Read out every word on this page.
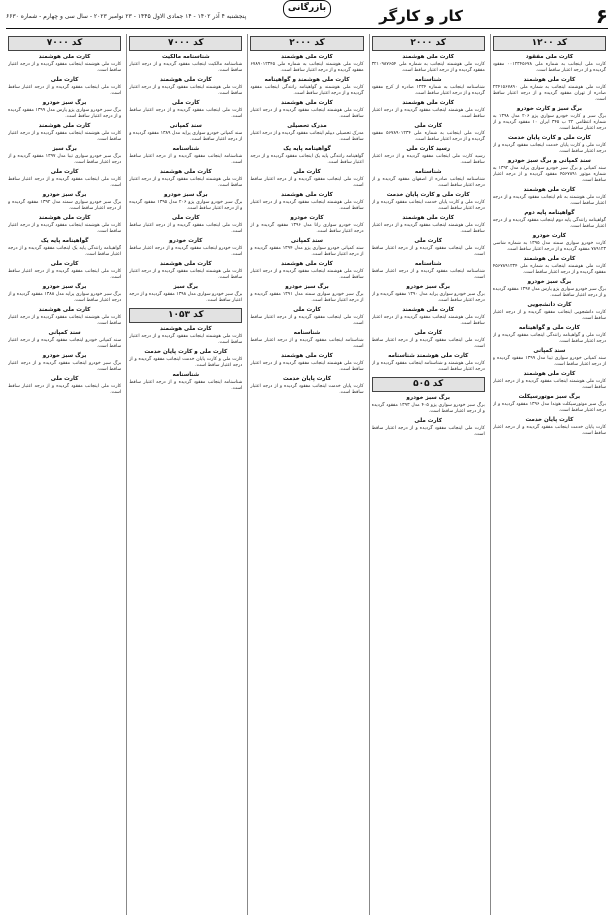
۶
کار و کارگر
پنجشنبه ۴ آذر ۱۴۰۲ - ۱۴ جمادی الاول ۱۴۴۵ - ۲۳ نوامبر ۲۰۲۳ - سال سی و چهارم - شماره ۶۶۳۰
بازرگانی
کد ۱۲۰۰
کارت ملی مفقود
کارت ملی اینجانب به شماره ملی ۰۰۱۲۳۴۵۶۷۸ مفقود گردیده و از درجه اعتبار ساقط است.
کارت ملی هوشمند
کارت ملی هوشمند اینجانب به شماره ملی ۲۳۴۱۵۶۷۸۹۰ صادره از تهران مفقود گردیده و از درجه اعتبار ساقط است.
برگ سبز و کارت خودرو
برگ سبز و کارت خودرو سواری پژو ۲۰۶ مدل ۱۳۹۸ به شماره انتظامی ۲۲ ب ۳۴۵ ایران ۱۰ مفقود گردیده و از درجه اعتبار ساقط است.
کارت ملی و کارت پایان خدمت
کارت ملی و کارت پایان خدمت اینجانب مفقود گردیده و از درجه اعتبار ساقط است.
سند کمپانی و برگ سبز خودرو
سند کمپانی و برگ سبز خودرو سواری پراید مدل ۱۳۹۲ به شماره موتور ۴۵۶۷۸۹۱ مفقود گردیده و از درجه اعتبار ساقط است.
کارت ملی هوشمند
کارت ملی هوشمند به نام اینجانب مفقود گردیده و از درجه اعتبار ساقط است.
گواهینامه پایه دوم
گواهینامه رانندگی پایه دوم اینجانب مفقود گردیده و از درجه اعتبار ساقط است.
کارت خودرو
کارت خودرو سواری سمند مدل ۱۳۹۵ به شماره شاسی ۷۸۹۱۲۳ مفقود گردیده و از درجه اعتبار ساقط است.
کارت ملی هوشمند
کارت ملی هوشمند اینجانب به شماره ملی ۴۵۶۷۸۹۱۲۳۴ مفقود گردیده و از درجه اعتبار ساقط است.
برگ سبز خودرو
برگ سبز خودرو سواری پژو پارس مدل ۱۳۹۷ مفقود گردیده و از درجه اعتبار ساقط است.
کارت دانشجویی
کارت دانشجویی اینجانب مفقود گردیده و از درجه اعتبار ساقط است.
کارت ملی و گواهینامه
کارت ملی و گواهینامه رانندگی اینجانب مفقود گردیده و از درجه اعتبار ساقط است.
سند کمپانی
سند کمپانی خودرو سواری تیبا مدل ۱۳۹۹ مفقود گردیده و از درجه اعتبار ساقط است.
کارت ملی هوشمند
کارت ملی هوشمند اینجانب مفقود گردیده و از درجه اعتبار ساقط است.
برگ سبز موتورسیکلت
برگ سبز موتورسیکلت هوندا مدل ۱۳۹۶ مفقود گردیده و از درجه اعتبار ساقط است.
کارت پایان خدمت
کارت پایان خدمت اینجانب مفقود گردیده و از درجه اعتبار ساقط است.
کد ۲۰۰۰
کارت ملی هوشمند
کارت ملی هوشمند اینجانب به شماره ملی ۳۲۱۰۹۸۷۶۵۴ مفقود گردیده و از درجه اعتبار ساقط است.
شناسنامه
شناسنامه اینجانب به شماره ۱۲۳۴ صادره از کرج مفقود گردیده و از درجه اعتبار ساقط است.
کارت ملی هوشمند
کارت ملی هوشمند اینجانب مفقود گردیده و از درجه اعتبار ساقط است.
کارت ملی
کارت ملی اینجانب به شماره ملی ۵۶۷۸۹۰۱۲۳۴ مفقود گردیده و از درجه اعتبار ساقط است.
رسید کارت ملی
رسید کارت ملی اینجانب مفقود گردیده و از درجه اعتبار ساقط است.
شناسنامه
شناسنامه اینجانب صادره از اصفهان مفقود گردیده و از درجه اعتبار ساقط است.
کارت ملی و کارت پایان خدمت
کارت ملی و کارت پایان خدمت اینجانب مفقود گردیده و از درجه اعتبار ساقط است.
کارت ملی هوشمند
کارت ملی هوشمند اینجانب مفقود گردیده و از درجه اعتبار ساقط است.
کارت ملی
کارت ملی اینجانب مفقود گردیده و از درجه اعتبار ساقط است.
شناسنامه
شناسنامه اینجانب مفقود گردیده و از درجه اعتبار ساقط است.
برگ سبز خودرو
برگ سبز خودرو سواری پراید مدل ۱۳۹۰ مفقود گردیده و از درجه اعتبار ساقط است.
کارت ملی هوشمند
کارت ملی هوشمند اینجانب مفقود گردیده و از درجه اعتبار ساقط است.
کارت ملی
کارت ملی اینجانب مفقود گردیده و از درجه اعتبار ساقط است.
کارت ملی هوشمند شناسنامه
کارت ملی هوشمند و شناسنامه اینجانب مفقود گردیده و از درجه اعتبار ساقط است.
کد ۵۰۵
برگ سبز خودرو
برگ سبز خودرو سواری پژو ۴۰۵ مدل ۱۳۹۳ مفقود گردیده و از درجه اعتبار ساقط است.
کارت ملی
کارت ملی اینجانب مفقود گردیده و از درجه اعتبار ساقط است.
کد ۲۰۰۰
کارت ملی هوشمند
کارت ملی هوشمند اینجانب به شماره ملی ۶۷۸۹۰۱۲۳۴۵ مفقود گردیده و از درجه اعتبار ساقط است.
کارت ملی هوشمند و گواهینامه
کارت ملی هوشمند و گواهینامه رانندگی اینجانب مفقود گردیده و از درجه اعتبار ساقط است.
کارت ملی هوشمند
کارت ملی هوشمند اینجانب مفقود گردیده و از درجه اعتبار ساقط است.
مدرک تحصیلی
مدرک تحصیلی دیپلم اینجانب مفقود گردیده و از درجه اعتبار ساقط است.
گواهینامه پایه یک
گواهینامه رانندگی پایه یک اینجانب مفقود گردیده و از درجه اعتبار ساقط است.
کارت ملی
کارت ملی اینجانب مفقود گردیده و از درجه اعتبار ساقط است.
کارت ملی هوشمند
کارت ملی هوشمند اینجانب مفقود گردیده و از درجه اعتبار ساقط است.
کارت خودرو
کارت خودرو سواری رانا مدل ۱۳۹۶ مفقود گردیده و از درجه اعتبار ساقط است.
سند کمپانی
سند کمپانی خودرو سواری پژو مدل ۱۳۹۴ مفقود گردیده و از درجه اعتبار ساقط است.
کارت ملی هوشمند
کارت ملی هوشمند اینجانب مفقود گردیده و از درجه اعتبار ساقط است.
برگ سبز خودرو
برگ سبز خودرو سواری سمند مدل ۱۳۹۱ مفقود گردیده و از درجه اعتبار ساقط است.
کارت ملی
کارت ملی اینجانب مفقود گردیده و از درجه اعتبار ساقط است.
شناسنامه
شناسنامه اینجانب مفقود گردیده و از درجه اعتبار ساقط است.
کارت ملی هوشمند
کارت ملی هوشمند اینجانب مفقود گردیده و از درجه اعتبار ساقط است.
کارت پایان خدمت
کارت پایان خدمت اینجانب مفقود گردیده و از درجه اعتبار ساقط است.
کد ۷۰۰۰
شناسنامه مالکیت
شناسنامه مالکیت اینجانب مفقود گردیده و از درجه اعتبار ساقط است.
کارت ملی هوشمند
کارت ملی هوشمند اینجانب مفقود گردیده و از درجه اعتبار ساقط است.
کارت ملی
کارت ملی اینجانب مفقود گردیده و از درجه اعتبار ساقط است.
سند کمپانی
سند کمپانی خودرو سواری پراید مدل ۱۳۸۹ مفقود گردیده و از درجه اعتبار ساقط است.
شناسنامه
شناسنامه اینجانب مفقود گردیده و از درجه اعتبار ساقط است.
کارت ملی هوشمند
کارت ملی هوشمند اینجانب مفقود گردیده و از درجه اعتبار ساقط است.
برگ سبز خودرو
برگ سبز خودرو سواری پژو ۲۰۶ مدل ۱۳۹۵ مفقود گردیده و از درجه اعتبار ساقط است.
کارت ملی
کارت ملی اینجانب مفقود گردیده و از درجه اعتبار ساقط است.
کارت خودرو
کارت خودرو اینجانب مفقود گردیده و از درجه اعتبار ساقط است.
کارت ملی هوشمند
کارت ملی هوشمند اینجانب مفقود گردیده و از درجه اعتبار ساقط است.
برگ سبز
برگ سبز خودرو سواری مدل ۱۳۹۸ مفقود گردیده و از درجه اعتبار ساقط است.
کد ۱۰۵۳
کارت ملی هوشمند
کارت ملی هوشمند اینجانب مفقود گردیده و از درجه اعتبار ساقط است.
کارت ملی و کارت پایان خدمت
کارت ملی و کارت پایان خدمت اینجانب مفقود گردیده و از درجه اعتبار ساقط است.
شناسنامه
شناسنامه اینجانب مفقود گردیده و از درجه اعتبار ساقط است.
کد ۷۰۰۰
کارت ملی هوشمند
کارت ملی هوشمند اینجانب مفقود گردیده و از درجه اعتبار ساقط است.
کارت ملی
کارت ملی اینجانب مفقود گردیده و از درجه اعتبار ساقط است.
برگ سبز خودرو
برگ سبز خودرو سواری پژو پارس مدل ۱۳۹۹ مفقود گردیده و از درجه اعتبار ساقط است.
کارت ملی هوشمند
کارت ملی هوشمند اینجانب مفقود گردیده و از درجه اعتبار ساقط است.
برگ سبز
برگ سبز خودرو سواری تیبا مدل ۱۳۹۷ مفقود گردیده و از درجه اعتبار ساقط است.
کارت ملی
کارت ملی اینجانب مفقود گردیده و از درجه اعتبار ساقط است.
برگ سبز خودرو
برگ سبز خودرو سواری سمند مدل ۱۳۹۲ مفقود گردیده و از درجه اعتبار ساقط است.
کارت ملی هوشمند
کارت ملی هوشمند اینجانب مفقود گردیده و از درجه اعتبار ساقط است.
گواهینامه پایه یک
گواهینامه رانندگی پایه یک اینجانب مفقود گردیده و از درجه اعتبار ساقط است.
کارت ملی
کارت ملی اینجانب مفقود گردیده و از درجه اعتبار ساقط است.
برگ سبز خودرو
برگ سبز خودرو سواری پراید مدل ۱۳۸۸ مفقود گردیده و از درجه اعتبار ساقط است.
کارت ملی هوشمند
کارت ملی هوشمند اینجانب مفقود گردیده و از درجه اعتبار ساقط است.
سند کمپانی
سند کمپانی خودرو اینجانب مفقود گردیده و از درجه اعتبار ساقط است.
برگ سبز خودرو
برگ سبز خودرو اینجانب مفقود گردیده و از درجه اعتبار ساقط است.
کارت ملی
کارت ملی اینجانب مفقود گردیده و از درجه اعتبار ساقط است.
